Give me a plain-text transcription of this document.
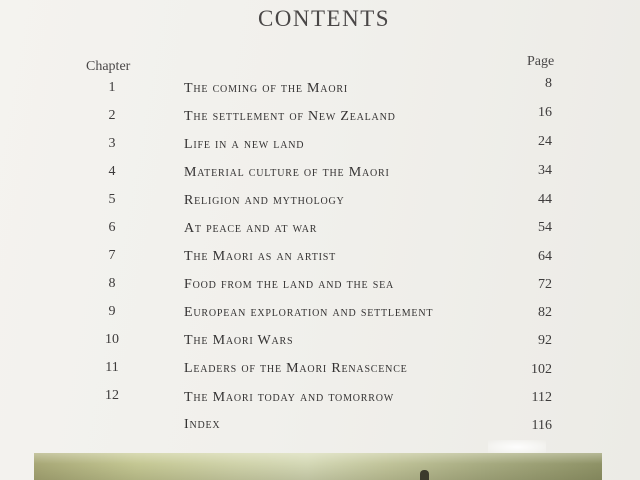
CONTENTS
Chapter	Page
1	The coming of the Maori	8
2	The settlement of New Zealand	16
3	Life in a new land	24
4	Material culture of the Maori	34
5	Religion and mythology	44
6	At peace and at war	54
7	The Maori as an artist	64
8	Food from the land and the sea	72
9	European exploration and settlement	82
10	The Maori Wars	92
11	Leaders of the Maori Renascence	102
12	The Maori today and tomorrow	112
Index	116
